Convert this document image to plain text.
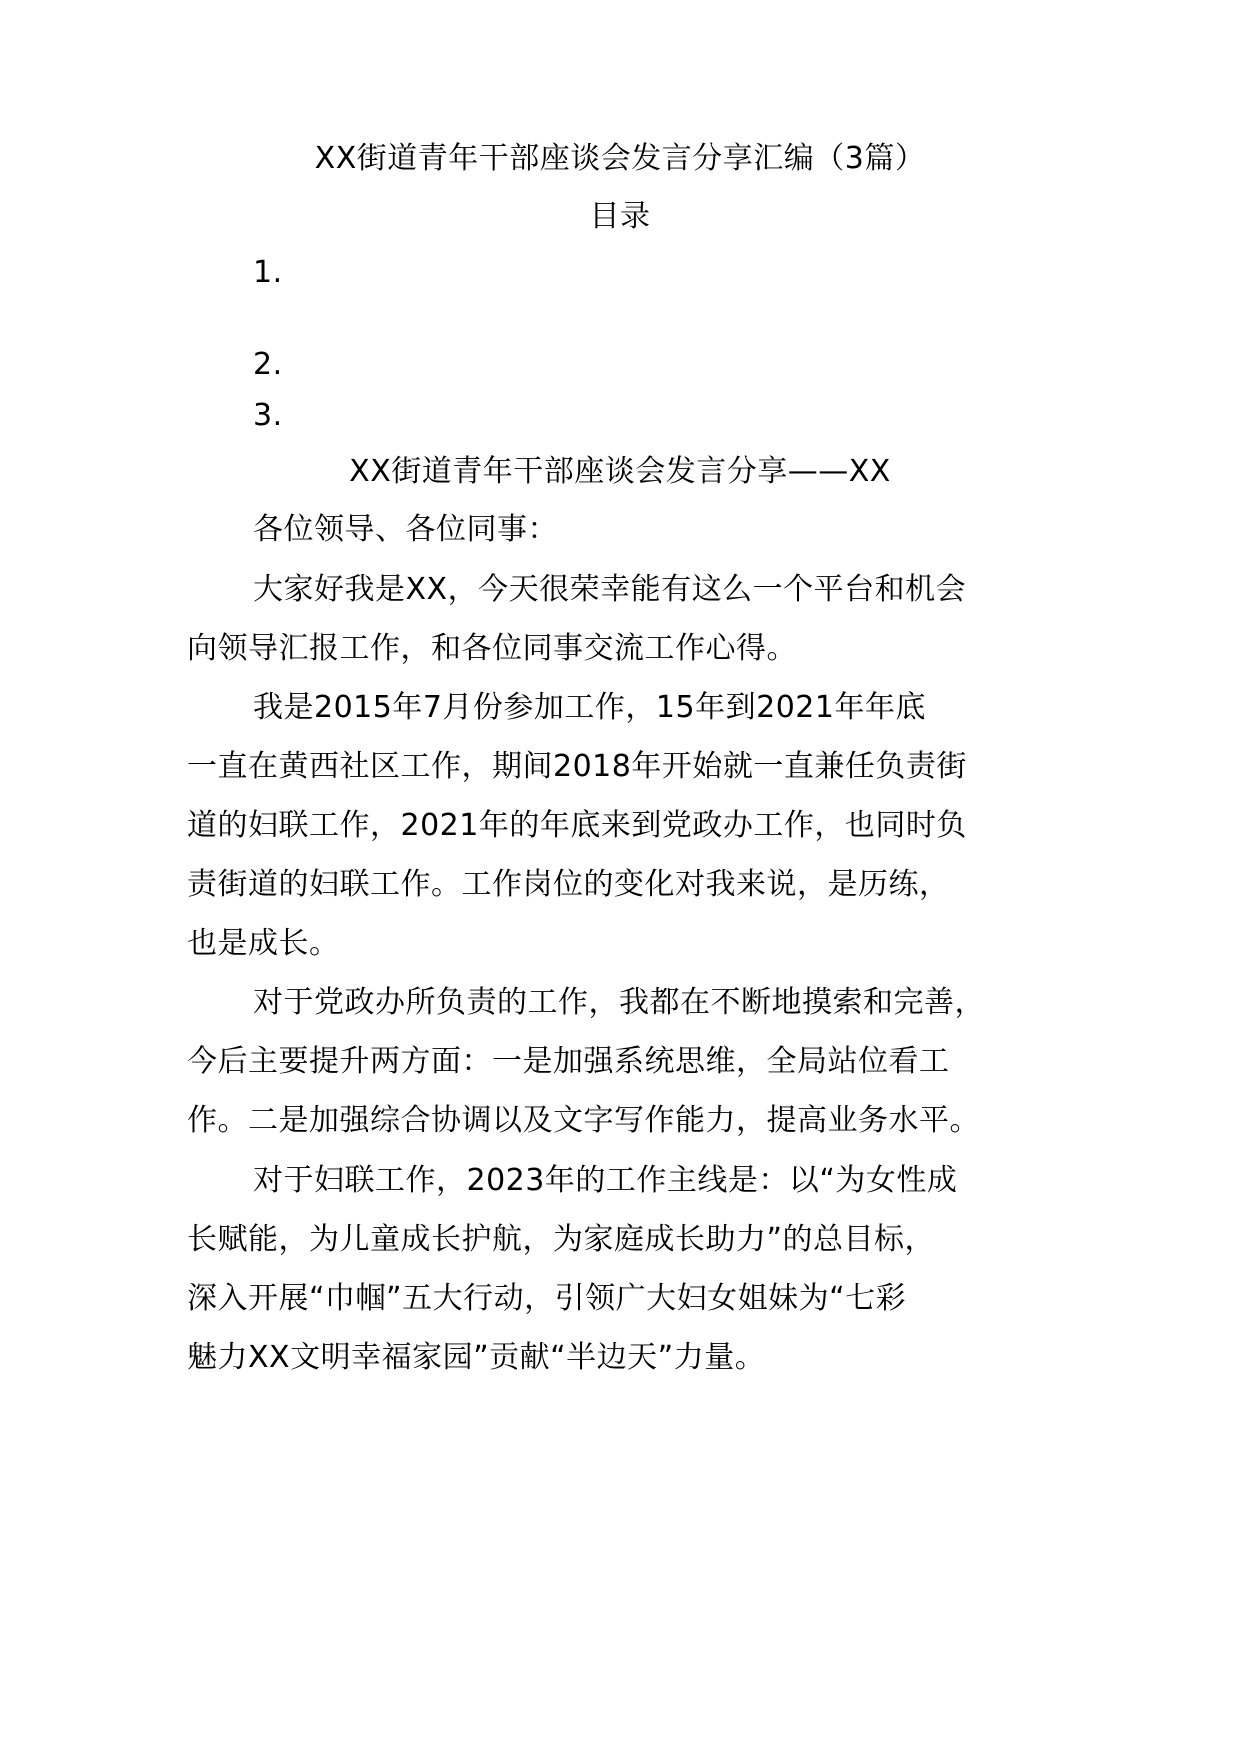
XX街道青年干部座谈会发言分享汇编（3篇）
目录
1.
2.
3.
XX街道青年干部座谈会发言分享——XX
各位领导、各位同事：
大家好我是XX，今天很荣幸能有这么一个平台和机会
向领导汇报工作，和各位同事交流工作心得。
我是2015年7月份参加工作，15年到2021年年底
一直在黄西社区工作，期间2018年开始就一直兼任负责街
道的妇联工作，2021年的年底来到党政办工作，也同时负
责街道的妇联工作。工作岗位的变化对我来说，是历练，
也是成长。
对于党政办所负责的工作，我都在不断地摸索和完善，
今后主要提升两方面：一是加强系统思维，全局站位看工
作。二是加强综合协调以及文字写作能力，提高业务水平。
对于妇联工作，2023年的工作主线是：以“为女性成
长赋能，为儿童成长护航，为家庭成长助力”的总目标，
深入开展“巾帼”五大行动，引领广大妇女姐妹为“七彩
魅力XX文明幸福家园”贡献“半边天”力量。
